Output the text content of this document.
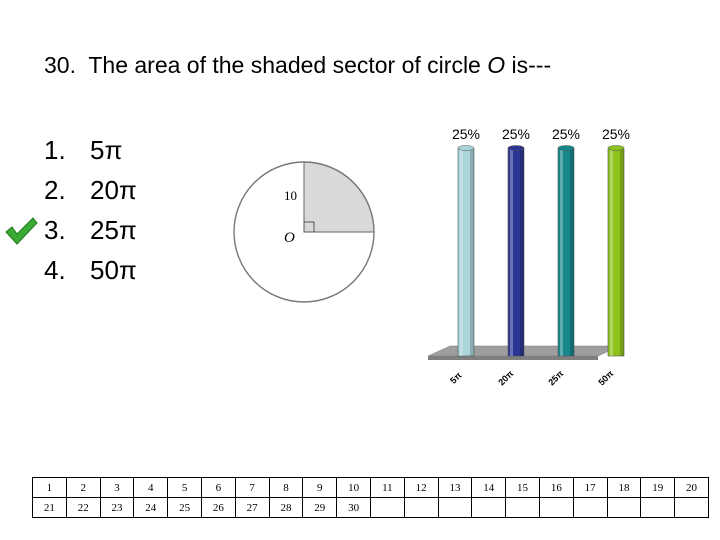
30. The area of the shaded sector of circle O is---
1. 5π
2. 20π
3. 25π
4. 50π
10
O
25%
5π
25%
20π
25%
25π
25%
50π
1	2	3	4	5	6	7	8	9	10	11	12	13	14	15	16	17	18	19	20
21	22	23	24	25	26	27	28	29	30										
